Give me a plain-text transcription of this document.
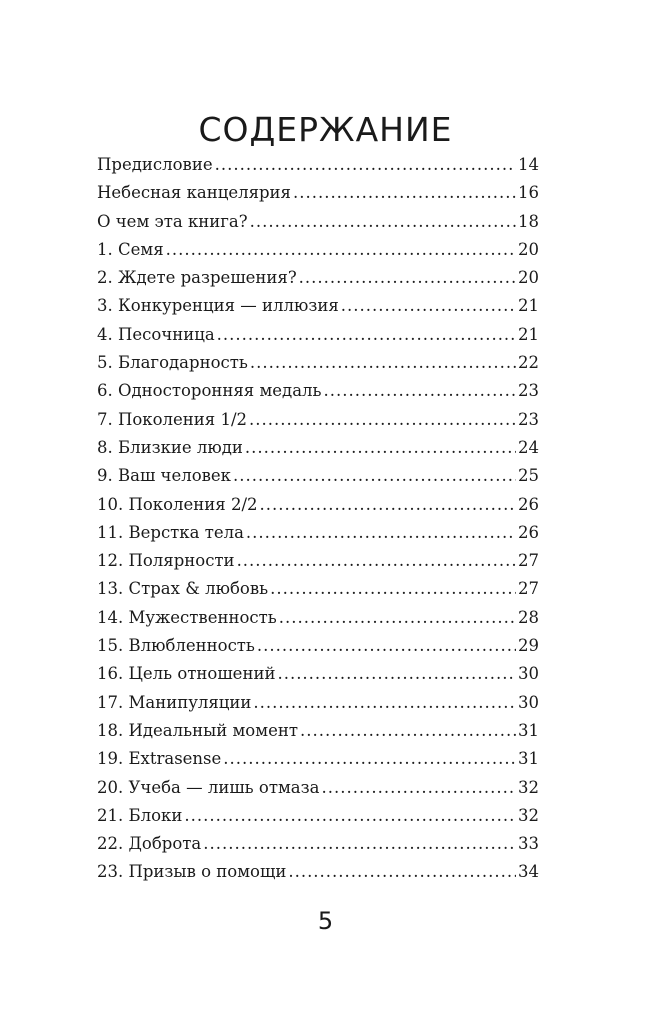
СОДЕРЖАНИЕ
Предисловие .....	14
Небесная канцелярия .....	16
О чем эта книга? .....	18
1. Семя .....	20
2. Ждете разрешения? .....	20
3. Конкуренция — иллюзия .....	21
4. Песочница .....	21
5. Благодарность .....	22
6. Односторонняя медаль .....	23
7. Поколения 1/2 .....	23
8. Близкие люди .....	24
9. Ваш человек .....	25
10. Поколения 2/2 .....	26
11. Верстка тела .....	26
12. Полярности .....	27
13. Страх & любовь .....	27
14. Мужественность .....	28
15. Влюбленность .....	29
16. Цель отношений .....	30
17. Манипуляции .....	30
18. Идеальный момент .....	31
19. Extrasense .....	31
20. Учеба — лишь отмаза .....	32
21. Блоки .....	32
22. Доброта .....	33
23. Призыв о помощи .....	34
5
